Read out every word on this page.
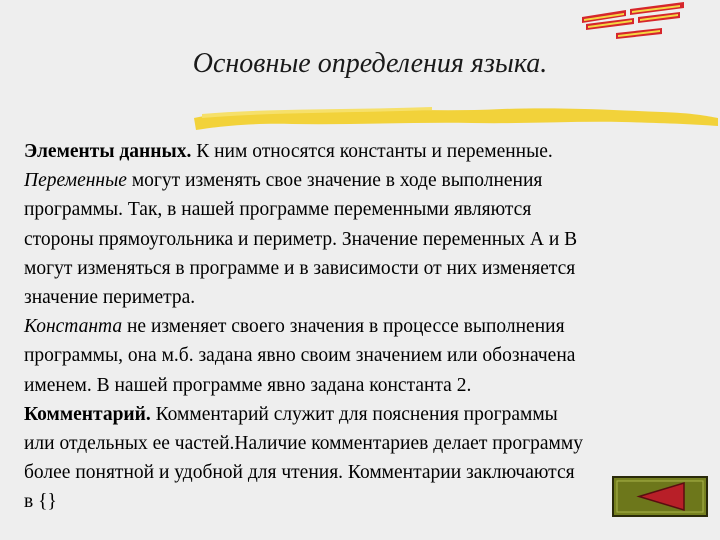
Основные определения языка.

Элементы данных. К ним относятся константы и переменные.

Переменные могут изменять свое значение в ходе выполнения

программы. Так, в нашей программе переменными являются

стороны прямоугольника и периметр. Значение переменных А и В

могут изменяться в программе и в зависимости от них изменяется

значение периметра.

Константа не изменяет своего значения в процессе выполнения

программы, она м.б. задана явно своим значением или обозначена

именем. В нашей программе явно задана константа 2.

Комментарий. Комментарий служит для пояснения программы

или отдельных ее частей.Наличие комментариев делает программу

более понятной и удобной для чтения. Комментарии заключаются

в {}
